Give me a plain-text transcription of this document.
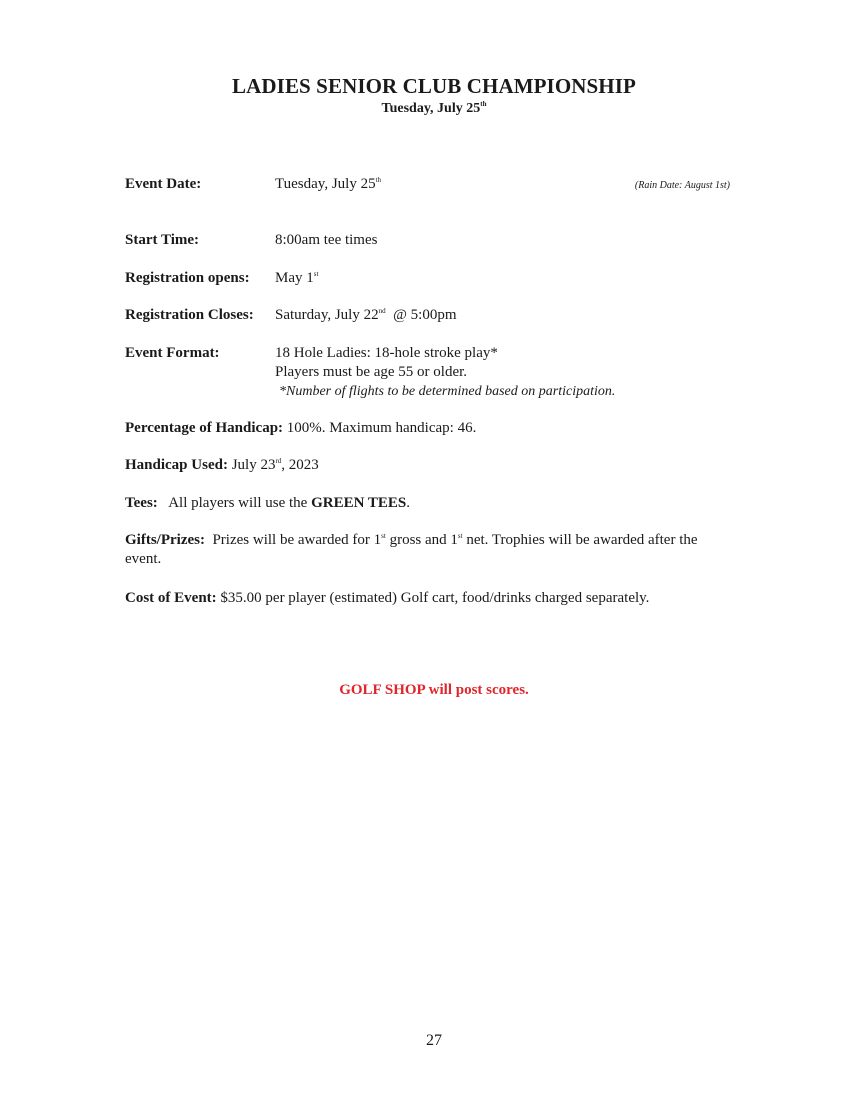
LADIES SENIOR CLUB CHAMPIONSHIP
Tuesday, July 25th
Event Date:	Tuesday, July 25th	(Rain Date: August 1st)
Start Time:	8:00am tee times
Registration opens: May 1st
Registration Closes: Saturday, July 22nd  @ 5:00pm
Event Format:	18 Hole Ladies: 18-hole stroke play*
Players must be age 55 or older.
*Number of flights to be determined based on participation.
Percentage of Handicap: 100%. Maximum handicap: 46.
Handicap Used: July 23rd, 2023
Tees:   All players will use the GREEN TEES.
Gifts/Prizes:  Prizes will be awarded for 1st gross and 1st net. Trophies will be awarded after the event.
Cost of Event: $35.00 per player (estimated) Golf cart, food/drinks charged separately.
GOLF SHOP will post scores.
27
